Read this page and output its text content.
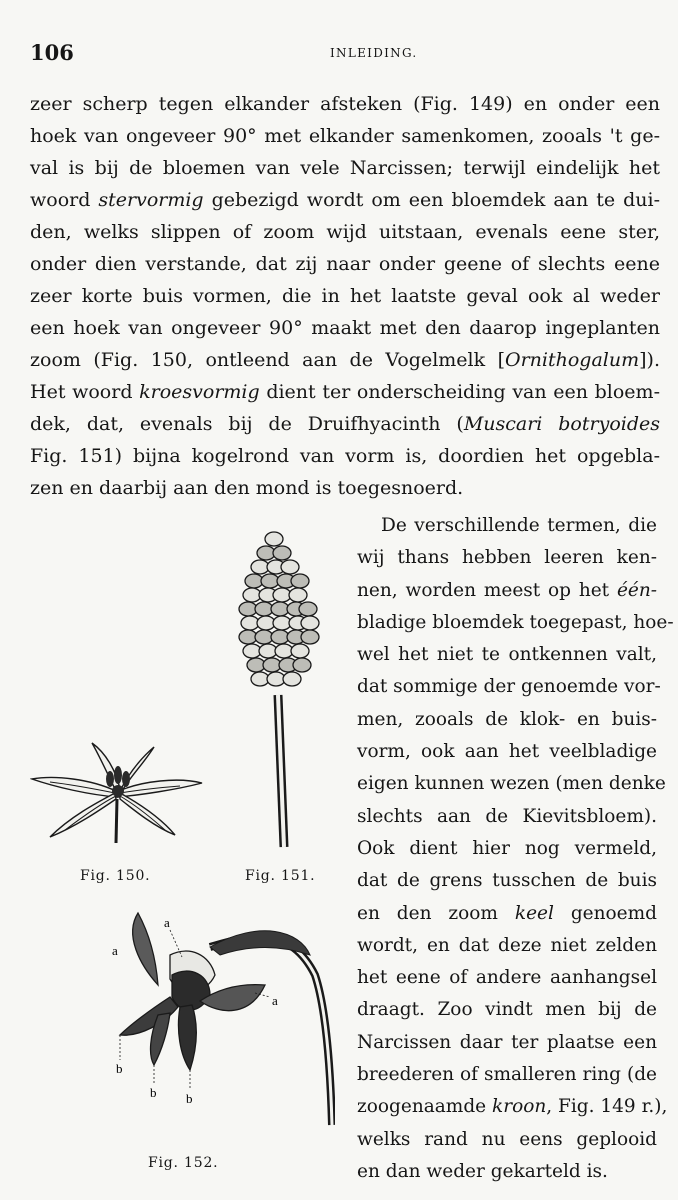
106	INLEIDING.
zeer scherp tegen elkander afsteken (Fig. 149) en onder een
hoek van ongeveer 90° met elkander samenkomen, zooals 't ge-
val is bij de bloemen van vele Narcissen; terwijl eindelijk het
woord stervormig gebezigd wordt om een bloemdek aan te dui-
den, welks slippen of zoom wijd uitstaan, evenals eene ster,
onder dien verstande, dat zij naar onder geene of slechts eene
zeer korte buis vormen, die in het laatste geval ook al weder
een hoek van ongeveer 90° maakt met den daarop ingeplanten
zoom (Fig. 150, ontleend aan de Vogelmelk [Ornithogalum]).
Het woord kroesvormig dient ter onderscheiding van een bloem-
dek, dat, evenals bij de Druifhyacinth (Muscari botryoides
Fig. 151) bijna kogelrond van vorm is, doordien het opgebla-
zen en daarbij aan den mond is toegesnoerd.
De verschillende termen, die
wij thans hebben leeren ken-
nen, worden meest op het één-
bladige bloemdek toegepast, hoe-
wel het niet te ontkennen valt,
dat sommige der genoemde vor-
men, zooals de klok- en buis-
vorm, ook aan het veelbladige
eigen kunnen wezen (men denke
slechts aan de Kievitsbloem).
Ook dient hier nog vermeld,
dat de grens tusschen de buis
en den zoom keel genoemd
wordt, en dat deze niet zelden
het eene of andere aanhangsel
draagt. Zoo vindt men bij de
Narcissen daar ter plaatse een
breederen of smalleren ring (de
zoogenaamde kroon, Fig. 149 r.),
welks rand nu eens geplooid
en dan weder gekarteld is.
Fig. 150.	Fig. 151.
a
a
a
b
b b
Fig. 152.
